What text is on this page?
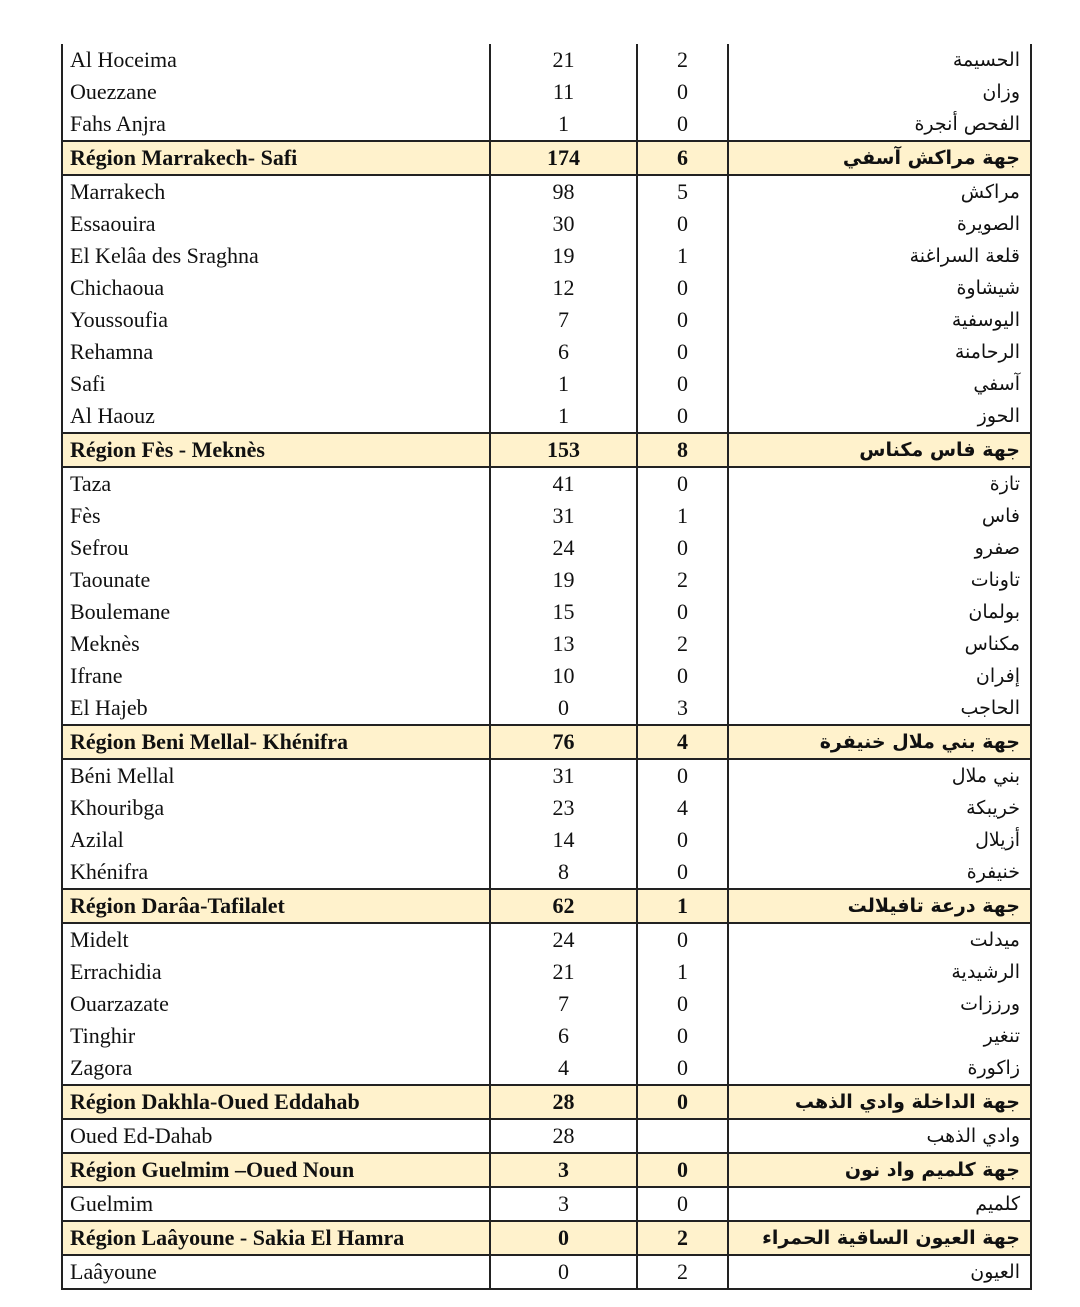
Al Hoceima	21	2	الحسيمة
Ouezzane	11	0	وزان
Fahs Anjra	1	0	الفحص أنجرة
Région Marrakech- Safi	174	6	جهة مراكش آسفي
Marrakech	98	5	مراكش
Essaouira	30	0	الصويرة
El Kelâa des Sraghna	19	1	قلعة السراغنة
Chichaoua	12	0	شيشاوة
Youssoufia	7	0	اليوسفية
Rehamna	6	0	الرحامنة
Safi	1	0	آسفي
Al Haouz	1	0	الحوز
Région Fès - Meknès	153	8	جهة فاس مكناس
Taza	41	0	تازة
Fès	31	1	فاس
Sefrou	24	0	صفرو
Taounate	19	2	تاونات
Boulemane	15	0	بولمان
Meknès	13	2	مكناس
Ifrane	10	0	إفران
El Hajeb	0	3	الحاجب
Région Beni Mellal- Khénifra	76	4	جهة بني ملال خنيفرة
Béni Mellal	31	0	بني ملال
Khouribga	23	4	خريبكة
Azilal	14	0	أزيلال
Khénifra	8	0	خنيفرة
Région Darâa-Tafilalet	62	1	جهة درعة تافيلالت
Midelt	24	0	ميدلت
Errachidia	21	1	الرشيدية
Ouarzazate	7	0	ورززات
Tinghir	6	0	تنغير
Zagora	4	0	زاكورة
Région Dakhla-Oued Eddahab	28	0	جهة الداخلة وادي الذهب
Oued Ed-Dahab	28		وادي الذهب
Région Guelmim –Oued Noun	3	0	جهة كلميم واد نون
Guelmim	3	0	كلميم
Région Laâyoune - Sakia El Hamra	0	2	جهة العيون الساقية الحمراء
Laâyoune	0	2	العيون
